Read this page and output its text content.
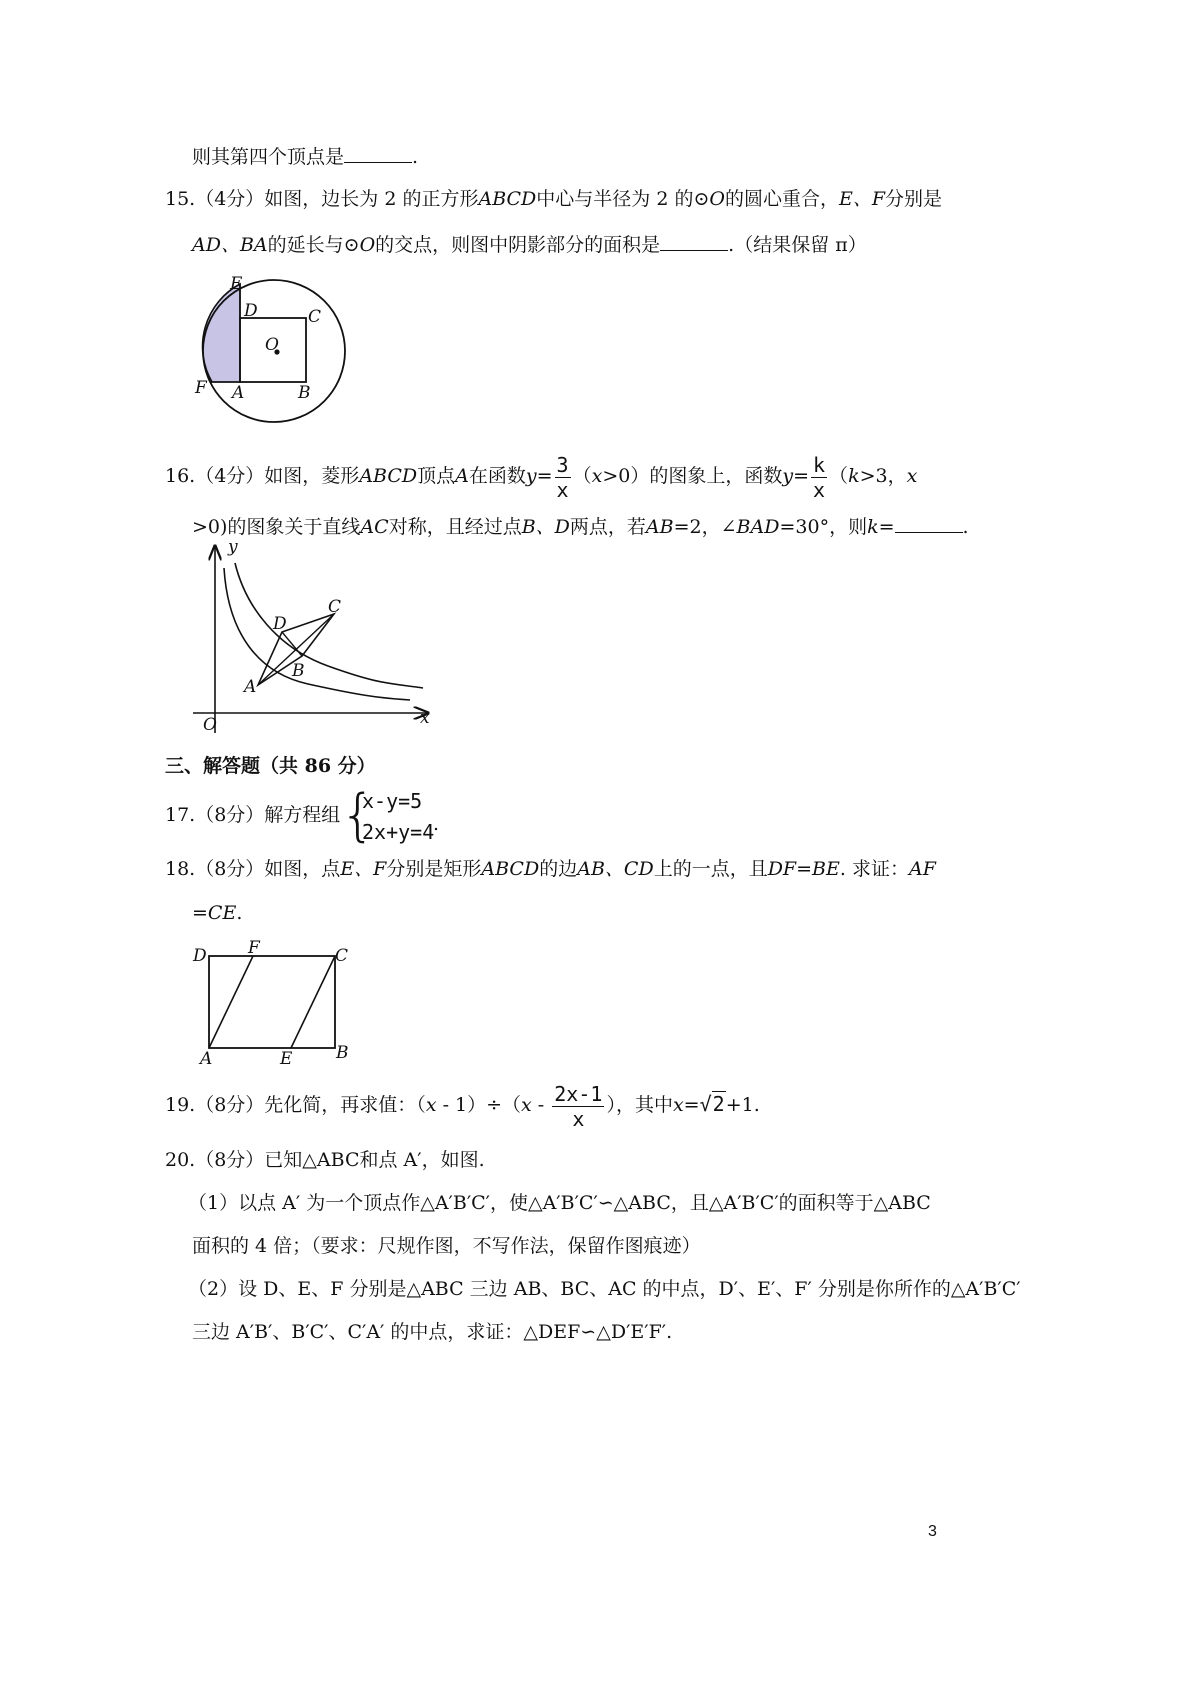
则其第四个顶点是	.
15.（4分）如图，边长为 2 的正方形ABCD中心与半径为 2 的⊙O的圆心重合，E、F分别是
AD、BA的延长与⊙O的交点，则图中阴影部分的面积是	.（结果保留 π）
E
D	C
O
F A	B
16.（4分）如图，菱形ABCD顶点A在函数$y= \frac{3}{x} (x>0)$的图象上，函数$y= \frac{k}{x} (k>3$，x
>0)的图象关于直线AC对称，且经过点B、D两点，若AB=2，∠BAD=30°，则k=	.
y
x
O
A
B
C
D
三、解答题（共 86 分）
17.（8分）解方程组 {
x-y=5
2x+y=4
.
18.（8分）如图，点E、F分别是矩形ABCD的边AB、CD上的一点，且DF=BE. 求证：AF
=CE.
D F	C
A	E	B
19.（8分）先化简，再求值：$(x - 1)\div(x - \frac{2x-1}{x}$ ），其中x=√2+1.
20.（8分）已知△ABC和点 A′，如图.
（1）以点 A′ 为一个顶点作△A′B′C′，使△A′B′C′∽△ABC，且△A′B′C′的面积等于△ABC
面积的 4 倍；（要求：尺规作图，不写作法，保留作图痕迹）
（2）设 D、E、F 分别是△ABC 三边 AB、BC、AC 的中点，D′、E′、F′ 分别是你所作的△A′B′C′
三边 A′B′、B′C′、C′A′ 的中点，求证：△DEF∽△D′E′F′.
3
